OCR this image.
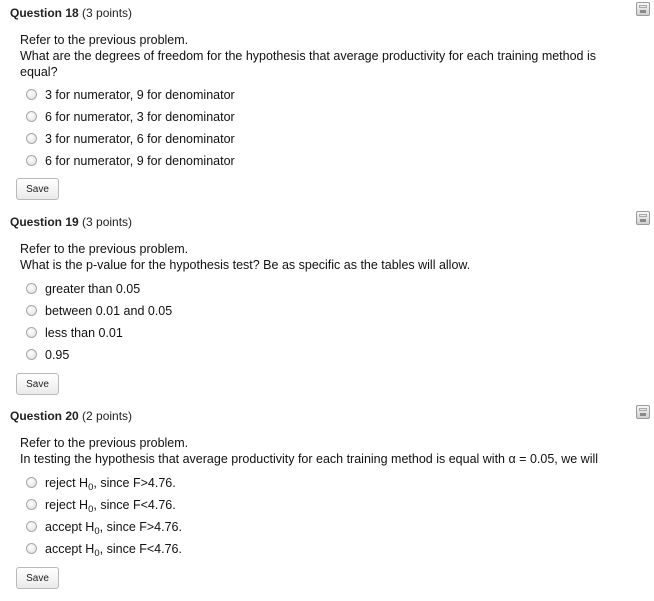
Question 18 (3 points)

Refer to the previous problem.

What are the degrees of freedom for the hypothesis that average productivity for each training method is

equal?

3 for numerator, 9 for denominator
6 for numerator, 3 for denominator
3 for numerator, 6 for denominator
6 for numerator, 9 for denominator
Save
Question 19 (3 points)

Refer to the previous problem.

What is the p-value for the hypothesis test? Be as specific as the tables will allow.

greater than 0.05
between 0.01 and 0.05
less than 0.01
0.95
Save
Question 20 (2 points)

Refer to the previous problem.

In testing the hypothesis that average productivity for each training method is equal with α = 0.05, we will

reject $H_0$, since F>4.76.
reject $H_0$, since F<4.76.
accept $H_0$, since F>4.76.
accept $H_0$, since F<4.76.
Save
